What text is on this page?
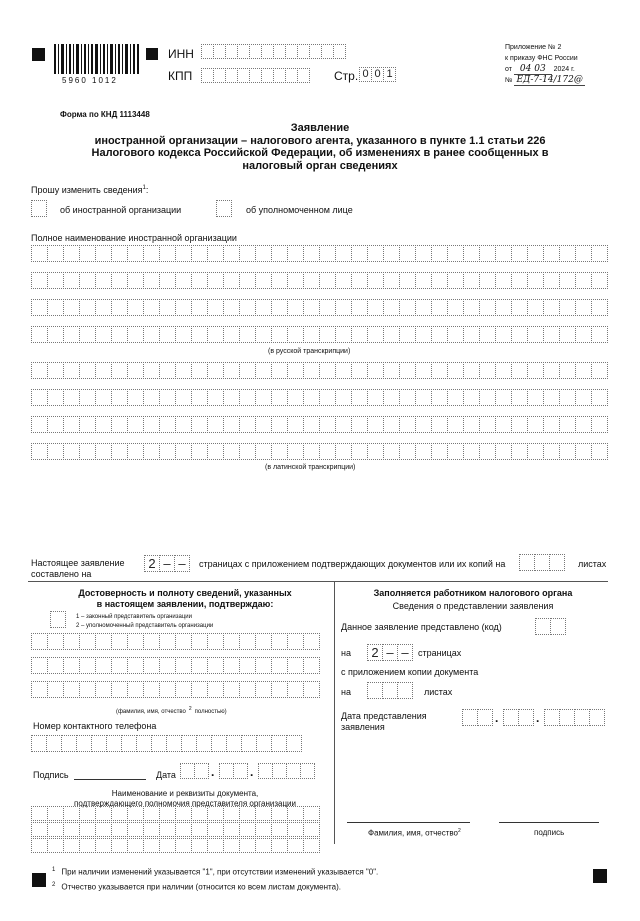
5960 1012
ИНН
КПП	Стр. 0 0 1
Приложение № 2
к приказу ФНС России
от 04 03 2024 г.
№ ЕД-7-14/172@
Форма по КНД 1113448
Заявление
иностранной организации – налогового агента, указанного в пункте 1.1 статьи 226
Налогового кодекса Российской Федерации, об изменениях в ранее сообщенных в
налоговый орган сведениях
Прошу изменить сведения$^1$:
об иностранной организации	об уполномоченном лице
Полное наименование иностранной организации
(в русской транскрипции)
(в латинской транскрипции)
Настоящее заявление
составлено на
2 – –	страницах с приложением подтверждающих документов или их копий на	листах
Достоверность и полноту сведений, указанных
в настоящем заявлении, подтверждаю:
1 – законный представитель организации
2 – уполномоченный представитель организации
(фамилия, имя, отчество $^2$ полностью)
Номер контактного телефона
Подпись	Дата	.	.
Наименование и реквизиты документа,
подтверждающего полномочия представителя организации
Заполняется работником налогового органа
Сведения о представлении заявления
Данное заявление представлено (код)
на	2 – –	страницах
с приложением копии документа
на	листах
Дата представления
заявления
.	.
Фамилия, имя, отчество$^2$	подпись
$^1$ При наличии изменений указывается "1", при отсутствии изменений указывается "0".
$^2$ Отчество указывается при наличии (относится ко всем листам документа).
